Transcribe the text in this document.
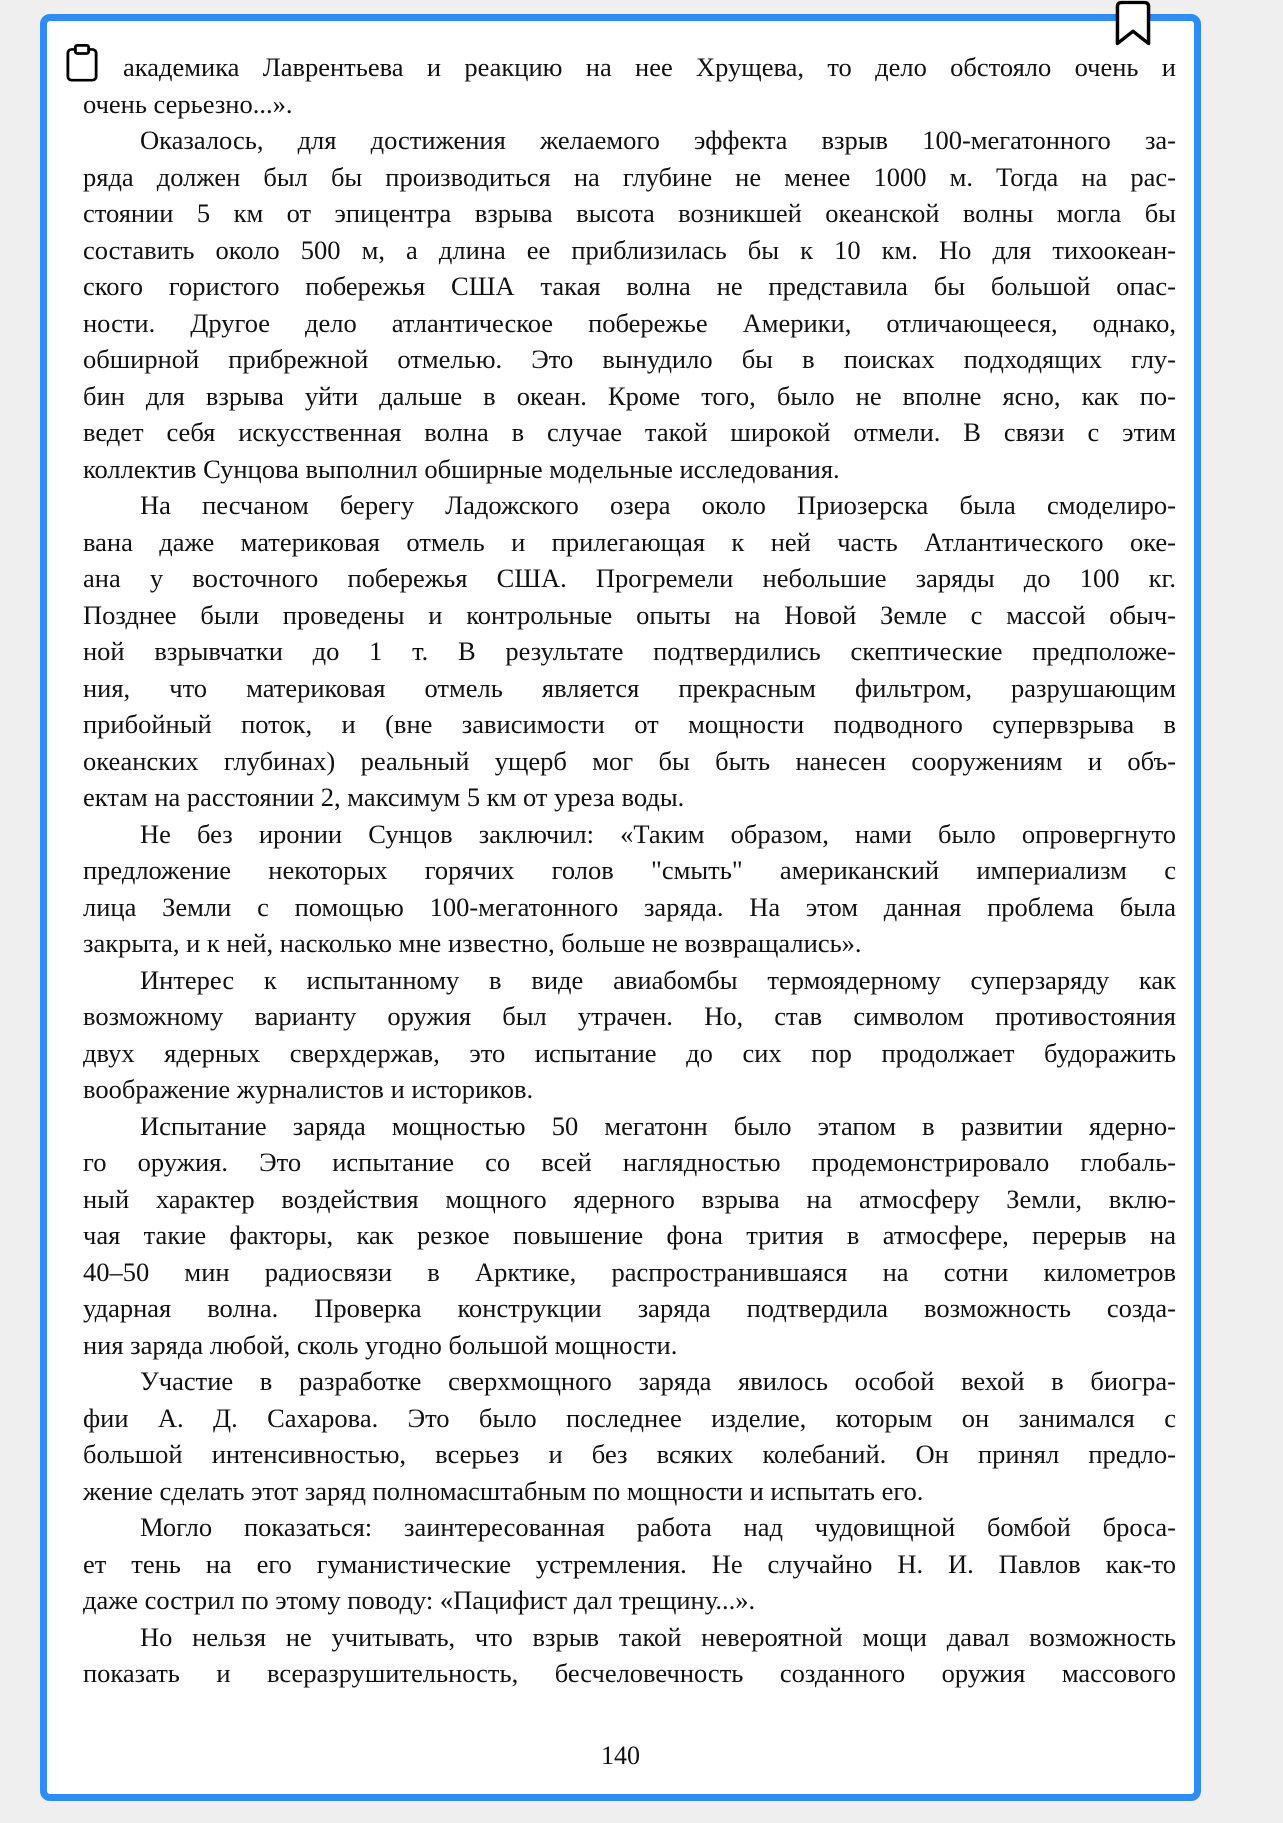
академика Лаврентьева и реакцию на нее Хрущева, то дело обстояло очень и
очень серьезно...».
Оказалось, для достижения желаемого эффекта взрыв 100-мегатонного за-
ряда должен был бы производиться на глубине не менее 1000 м. Тогда на рас-
стоянии 5 км от эпицентра взрыва высота возникшей океанской волны могла бы
составить около 500 м, а длина ее приблизилась бы к 10 км. Но для тихоокеан-
ского гористого побережья США такая волна не представила бы большой опас-
ности. Другое дело атлантическое побережье Америки, отличающееся, однако,
обширной прибрежной отмелью. Это вынудило бы в поисках подходящих глу-
бин для взрыва уйти дальше в океан. Кроме того, было не вполне ясно, как по-
ведет себя искусственная волна в случае такой широкой отмели. В связи с этим
коллектив Сунцова выполнил обширные модельные исследования.
На песчаном берегу Ладожского озера около Приозерска была смоделиро-
вана даже материковая отмель и прилегающая к ней часть Атлантического оке-
ана у восточного побережья США. Прогремели небольшие заряды до 100 кг.
Позднее были проведены и контрольные опыты на Новой Земле с массой обыч-
ной взрывчатки до 1 т. В результате подтвердились скептические предположе-
ния, что материковая отмель является прекрасным фильтром, разрушающим
прибойный поток, и (вне зависимости от мощности подводного супервзрыва в
океанских глубинах) реальный ущерб мог бы быть нанесен сооружениям и объ-
ектам на расстоянии 2, максимум 5 км от уреза воды.
Не без иронии Сунцов заключил: «Таким образом, нами было опровергнуто
предложение некоторых горячих голов "смыть" американский империализм с
лица Земли с помощью 100-мегатонного заряда. На этом данная проблема была
закрыта, и к ней, насколько мне известно, больше не возвращались».
Интерес к испытанному в виде авиабомбы термоядерному суперзаряду как
возможному варианту оружия был утрачен. Но, став символом противостояния
двух ядерных сверхдержав, это испытание до сих пор продолжает будоражить
воображение журналистов и историков.
Испытание заряда мощностью 50 мегатонн было этапом в развитии ядерно-
го оружия. Это испытание со всей наглядностью продемонстрировало глобаль-
ный характер воздействия мощного ядерного взрыва на атмосферу Земли, вклю-
чая такие факторы, как резкое повышение фона трития в атмосфере, перерыв на
40–50 мин радиосвязи в Арктике, распространившаяся на сотни километров
ударная волна. Проверка конструкции заряда подтвердила возможность созда-
ния заряда любой, сколь угодно большой мощности.
Участие в разработке сверхмощного заряда явилось особой вехой в биогра-
фии А. Д. Сахарова. Это было последнее изделие, которым он занимался с
большой интенсивностью, всерьез и без всяких колебаний. Он принял предло-
жение сделать этот заряд полномасштабным по мощности и испытать его.
Могло показаться: заинтересованная работа над чудовищной бомбой броса-
ет тень на его гуманистические устремления. Не случайно Н. И. Павлов как-то
даже сострил по этому поводу: «Пацифист дал трещину...».
Но нельзя не учитывать, что взрыв такой невероятной мощи давал возможность
показать и всеразрушительность, бесчеловечность созданного оружия массового
140
